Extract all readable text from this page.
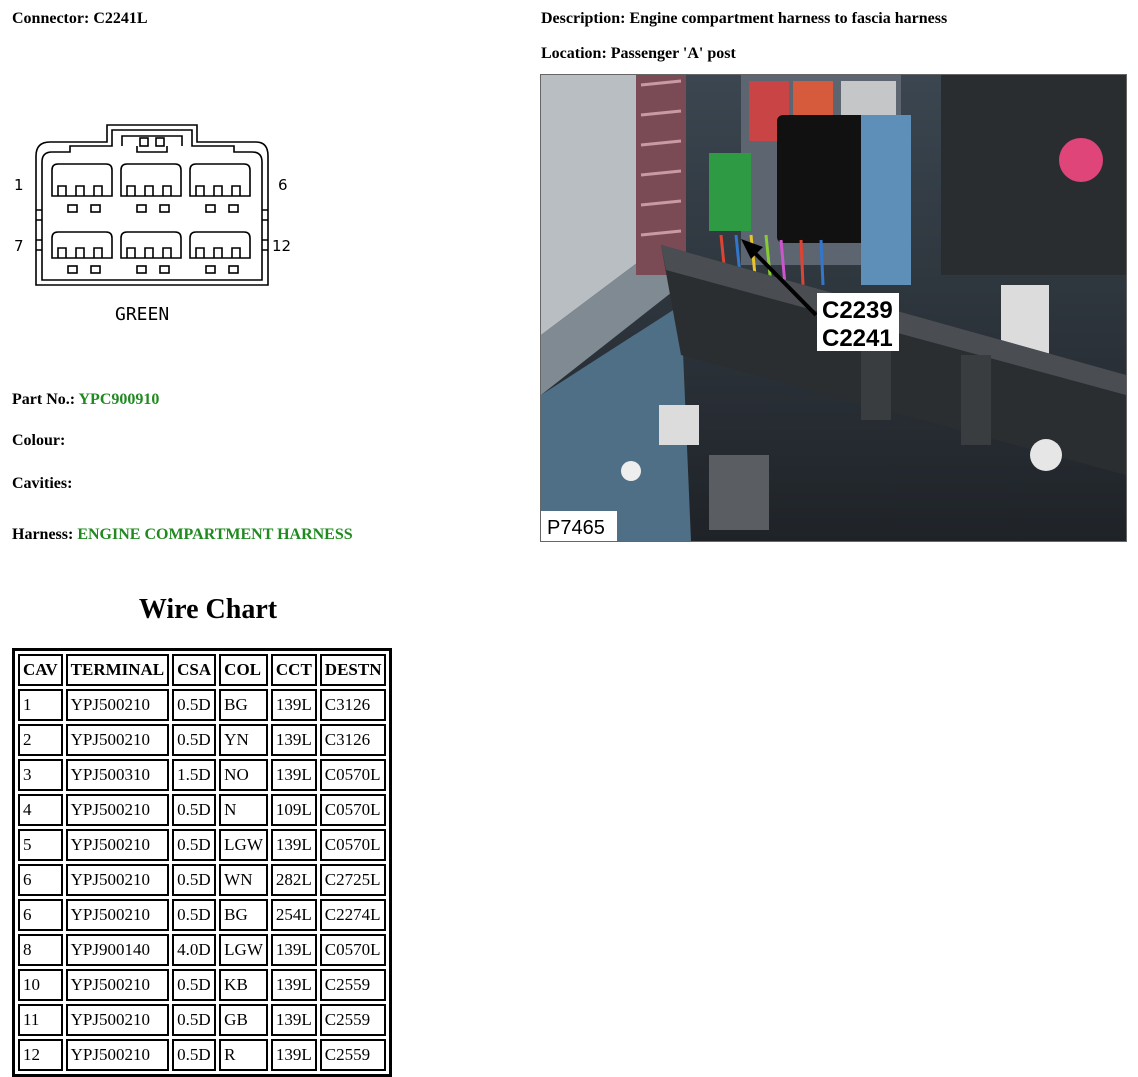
Connector: C2241L	Description: Engine compartment harness to fascia harness
Location: Passenger 'A' post
1	6
7	12
GREEN
Part No.: YPC900910
Colour:
Cavities:
Harness: ENGINE COMPARTMENT HARNESS
C2239
C2241
P7465
Wire Chart
CAV	TERMINAL	CSA	COL	CCT	DESTN
1	YPJ500210	0.5D	BG	139L	C3126
2	YPJ500210	0.5D	YN	139L	C3126
3	YPJ500310	1.5D	NO	139L	C0570L
4	YPJ500210	0.5D	N	109L	C0570L
5	YPJ500210	0.5D	LGW	139L	C0570L
6	YPJ500210	0.5D	WN	282L	C2725L
6	YPJ500210	0.5D	BG	254L	C2274L
8	YPJ900140	4.0D	LGW	139L	C0570L
10	YPJ500210	0.5D	KB	139L	C2559
11	YPJ500210	0.5D	GB	139L	C2559
12	YPJ500210	0.5D	R	139L	C2559
